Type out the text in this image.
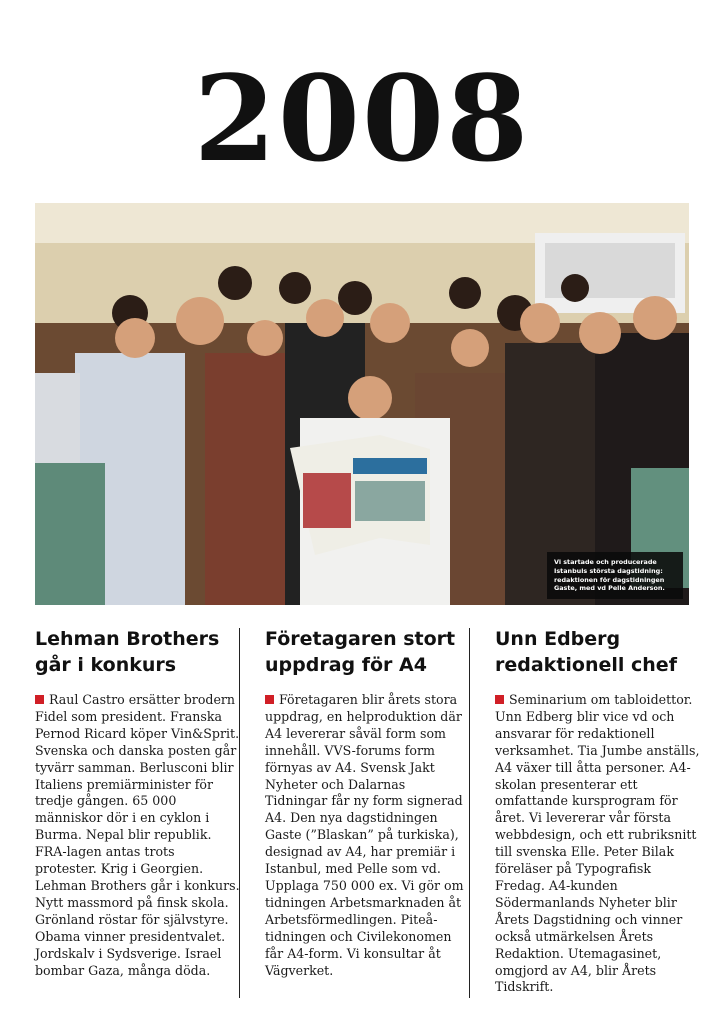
2008
Vi startade och producerade Istanbuls största dagstidning: redaktionen för dagstidningen Gaste, med vd Pelle Anderson.
Lehman Brothers går i konkurs

Raul Castro ersätter brodern Fidel som president. Franska Pernod Ricard köper Vin&Sprit. Svenska och danska posten går tyvärr samman. Berlusconi blir Italiens premiärminister för tredje gången. 65 000 människor dör i en cyklon i Burma. Nepal blir republik. FRA-lagen antas trots protester. Krig i Georgien. Lehman Brothers går i konkurs. Nytt massmord på finsk skola. Grönland röstar för självstyre. Obama vinner presidentvalet. Jordskalv i Sydsverige. Israel bombar Gaza, många döda.

Företagaren stort uppdrag för A4

Företagaren blir årets stora uppdrag, en helproduktion där A4 levererar såväl form som innehåll. VVS-forums form förnyas av A4. Svensk Jakt Nyheter och Dalarnas Tidningar får ny form signerad A4. Den nya dagstidningen Gaste (”Blaskan” på turkiska), designad av A4, har premiär i Istanbul, med Pelle som vd. Upplaga 750 000 ex. Vi gör om tidningen Arbetsmarknaden åt Arbetsförmedlingen. Piteå-tidningen och Civilekonomen får A4-form. Vi konsultar åt Vägverket.

Unn Edberg redaktionell chef

Seminarium om tabloidettor. Unn Edberg blir vice vd och ansvarar för redaktionell verksamhet. Tia Jumbe anställs, A4 växer till åtta personer. A4-skolan presenterar ett omfattande kursprogram för året. Vi levererar vår första webbdesign, och ett rubriksnitt till svenska Elle. Peter Bilak föreläser på Typografisk Fredag. A4-kunden Södermanlands Nyheter blir Årets Dagstidning och vinner också utmärkelsen Årets Redaktion. Utemagasinet, omgjord av A4, blir Årets Tidskrift.
